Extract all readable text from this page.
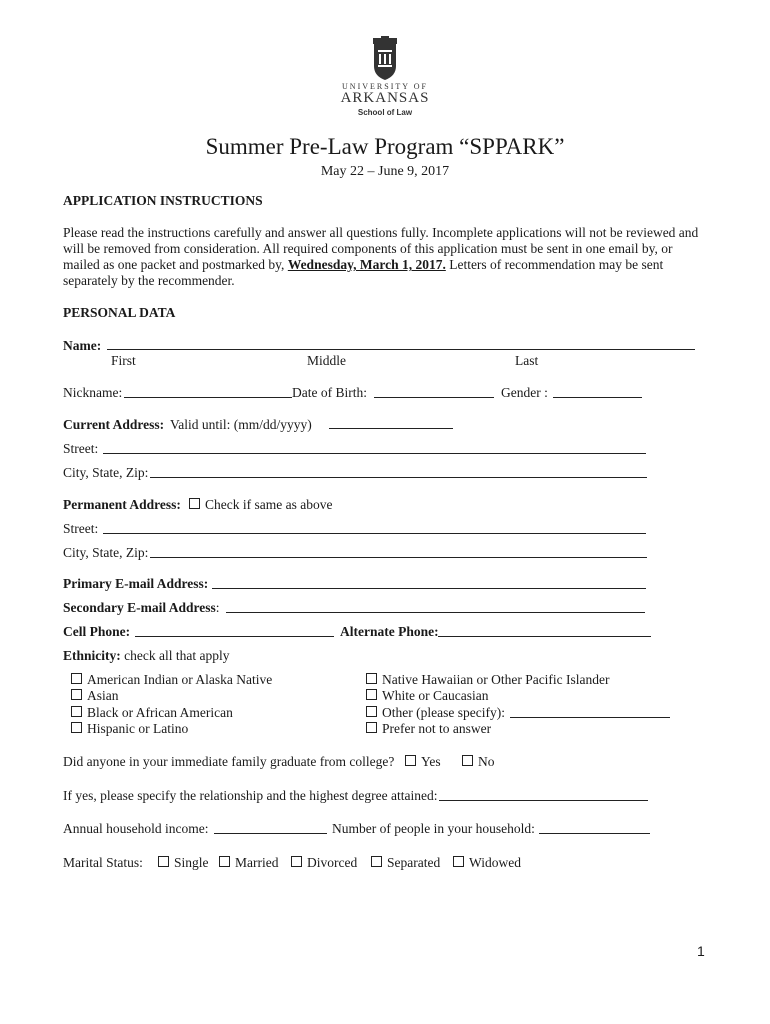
UNIVERSITY OF
ARKANSAS
School of Law
Summer Pre-Law Program “SPPARK”
May 22 – June 9, 2017
APPLICATION INSTRUCTIONS
Please read the instructions carefully and answer all questions fully. Incomplete applications will not be reviewed and
will be removed from consideration. All required components of this application must be sent in one email by, or
mailed as one packet and postmarked by, Wednesday, March 1, 2017. Letters of recommendation may be sent
separately by the recommender.
PERSONAL DATA
Name:
First	Middle	Last
Nickname:	Date of Birth:	Gender :
Current Address: Valid until: (mm/dd/yyyy)
Street:
City, State, Zip:
Permanent Address:	Check if same as above
Street:
City, State, Zip:
Primary E-mail Address:
Secondary E-mail Address:
Cell Phone:	Alternate Phone:
Ethnicity: check all that apply
American Indian or Alaska Native
Asian
Black or African American
Hispanic or Latino
Native Hawaiian or Other Pacific Islander
White or Caucasian
Other (please specify):
Prefer not to answer
Did anyone in your immediate family graduate from college?	Yes	No
If yes, please specify the relationship and the highest degree attained:
Annual household income:	Number of people in your household:
Marital Status:	Single	Married	Divorced	Separated	Widowed
1
